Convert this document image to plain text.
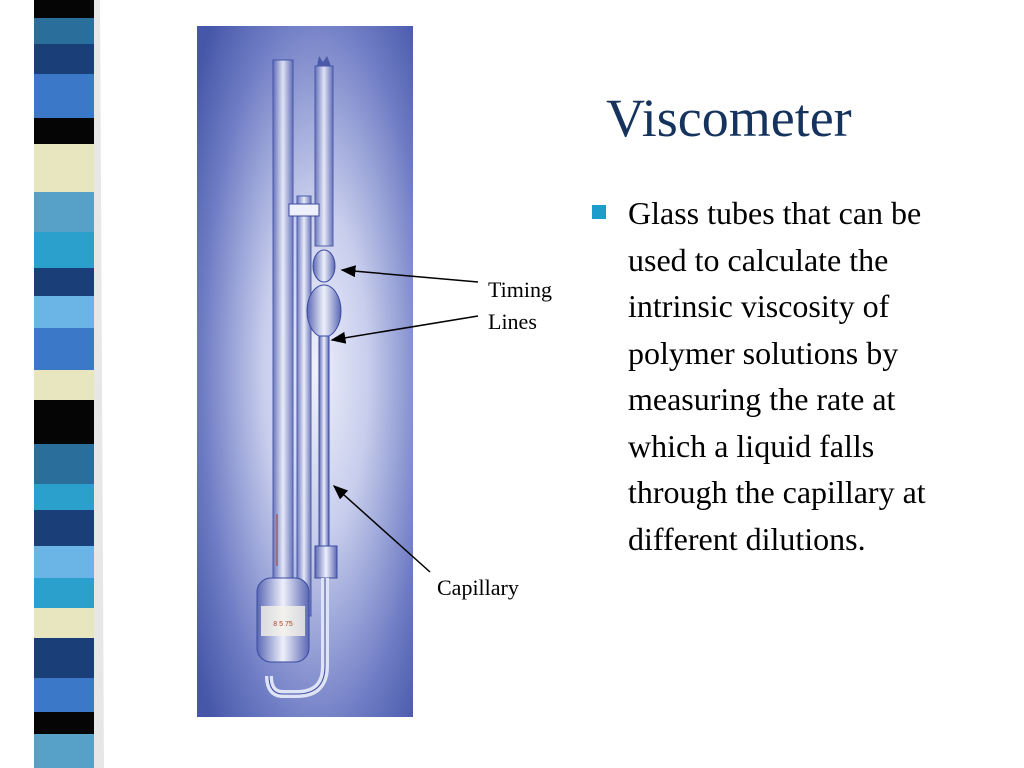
8 5 75
Timing
Lines
Capillary
Viscometer
Glass tubes that can be used to calculate the intrinsic viscosity of polymer solutions by measuring the rate at which a liquid falls through the capillary at different dilutions.
